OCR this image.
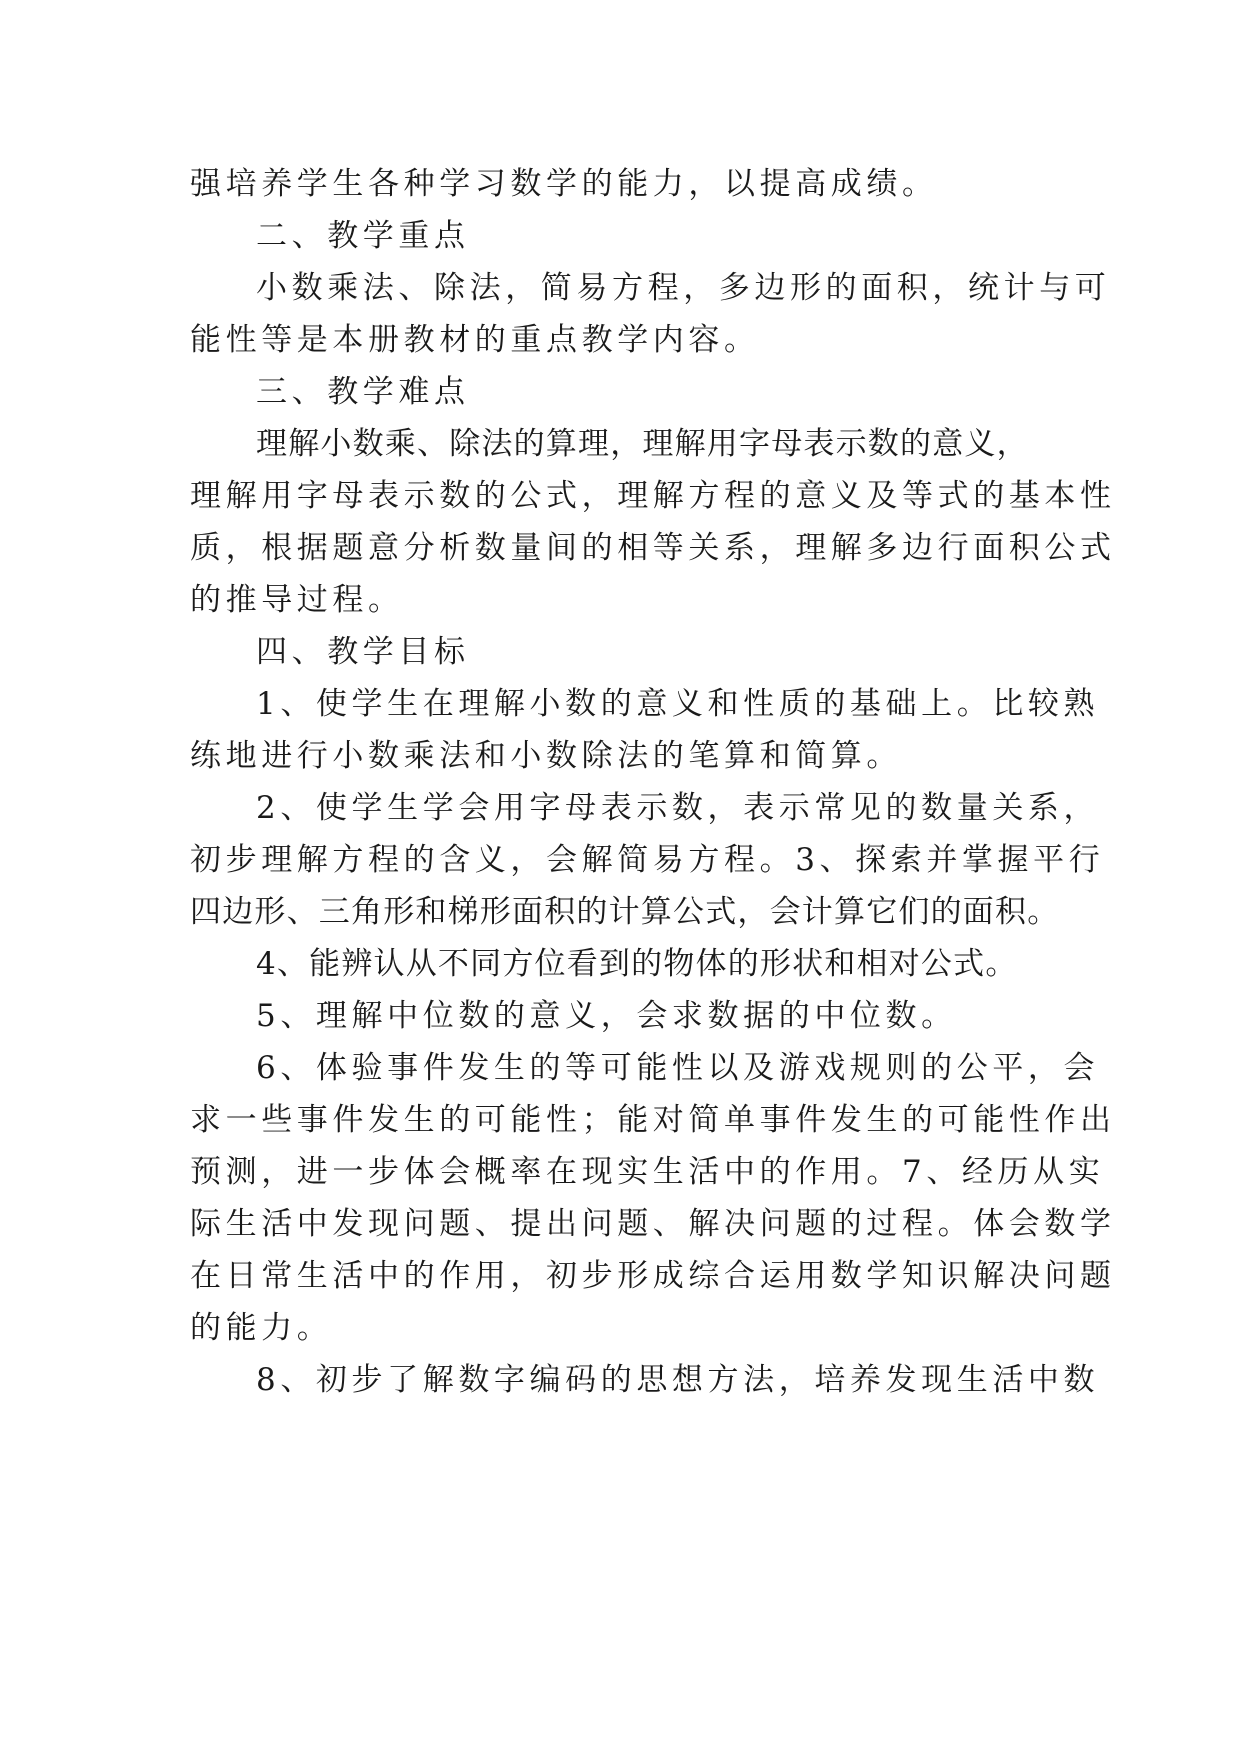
强培养学生各种学习数学的能力，以提高成绩。
二、教学重点
小数乘法、除法，简易方程，多边形的面积，统计与可
能性等是本册教材的重点教学内容。
三、教学难点
理解小数乘、除法的算理，理解用字母表示数的意义，
理解用字母表示数的公式，理解方程的意义及等式的基本性
质，根据题意分析数量间的相等关系，理解多边行面积公式
的推导过程。
四、教学目标
1、使学生在理解小数的意义和性质的基础上。比较熟
练地进行小数乘法和小数除法的笔算和简算。
2、使学生学会用字母表示数，表示常见的数量关系，
初步理解方程的含义，会解简易方程。3、探索并掌握平行
四边形、三角形和梯形面积的计算公式，会计算它们的面积。
4、能辨认从不同方位看到的物体的形状和相对公式。
5、理解中位数的意义，会求数据的中位数。
6、体验事件发生的等可能性以及游戏规则的公平，会
求一些事件发生的可能性；能对简单事件发生的可能性作出
预测，进一步体会概率在现实生活中的作用。7、经历从实
际生活中发现问题、提出问题、解决问题的过程。体会数学
在日常生活中的作用，初步形成综合运用数学知识解决问题
的能力。
8、初步了解数字编码的思想方法，培养发现生活中数
